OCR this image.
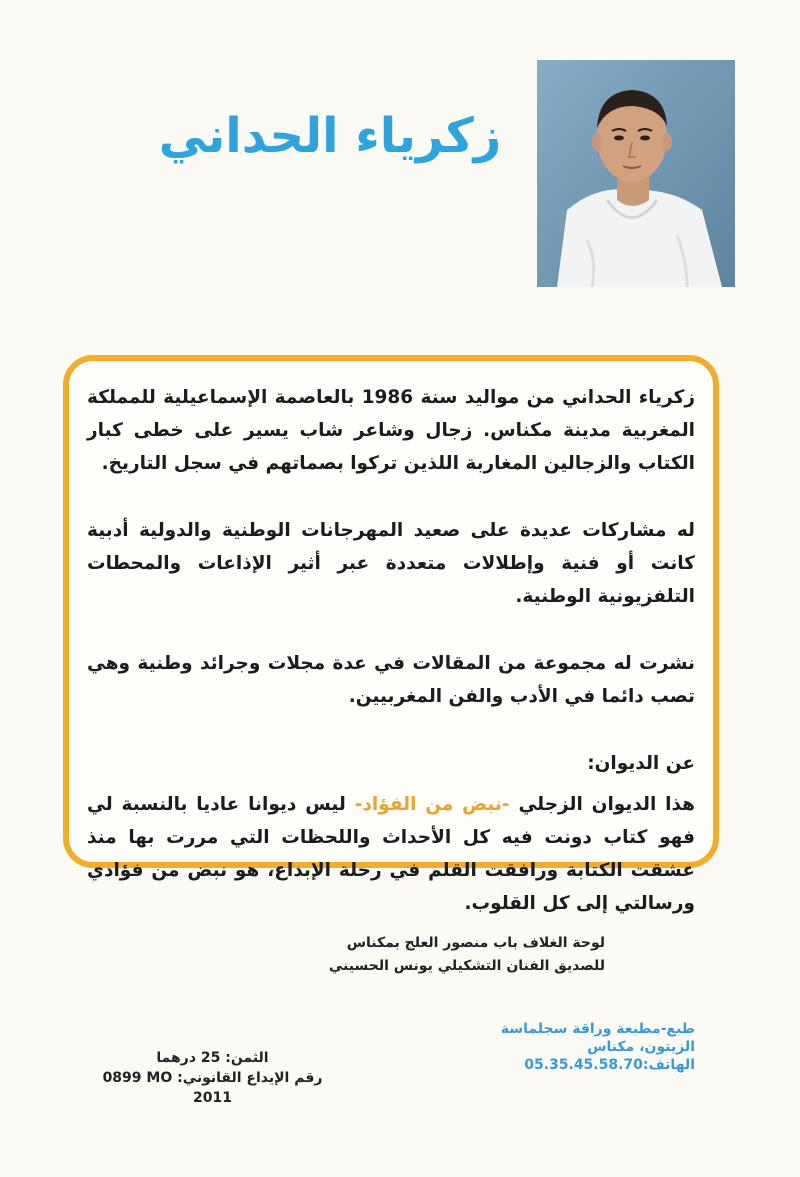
زكرياء الحداني

زكرياء الحداني من مواليد سنة 1986 بالعاصمة الإسماعيلية للمملكة المغربية مدينة مكناس. زجال وشاعر شاب يسير على خطى كبار الكتاب والزجالين المغاربة اللذين تركوا بصماتهم في سجل التاريخ.

له مشاركات عديدة على صعيد المهرجانات الوطنية والدولية أدبية كانت أو فنية وإطلالات متعددة عبر أثير الإذاعات والمحطات التلفزيونية الوطنية.

نشرت له مجموعة من المقالات في عدة مجلات وجرائد وطنية وهي تصب دائما في الأدب والفن المغربيين.

عن الديوان:

هذا الديوان الزجلي -نبض من الفؤاد- ليس ديوانا عاديا بالنسبة لي فهو كتاب دونت فيه كل الأحداث واللحظات التي مررت بها منذ عشقت الكتابة ورافقت القلم في رحلة الإبداع، هو نبض من فؤادي ورسالتي إلى كل القلوب.

لوحة الغلاف باب منصور العلج بمكناس
للصديق الفنان التشكيلي يونس الحسيني
طبع-مطبعة وراقة سجلماسة
الزيتون، مكناس
الهاتف:05.35.45.58.70
الثمن: 25 درهما
رقم الإيداع القانوني: 0899 MO 2011
